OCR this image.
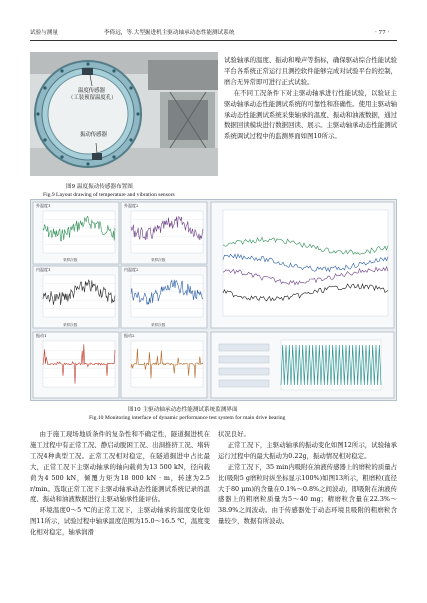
试验与测量	李倚远，等.大型掘进机主驱动轴承动态性能测试系统	· 77 ·
温度传感器
（工装预留温度孔）
振动传感器
图9 温度振动传感器布置图
Fig.9 Layout drawing of temperature and vibration sensors

试验轴承的温度、振动和噪声等指标，确保驱动综合性能试验平台各系统正常运行且测控软件能够完成对试验平台的控制，磨合无异常即可进行正式试验。

在不同工况条件下对主驱动轴承进行性能试验，以验证主驱动轴承动态性能测试系统的可靠性和准确性。使用主驱动轴承动态性能测试系统采集轴承的温度、振动和油液数据，通过数据回读模块进行数据回读、展示。主驱动轴承动态性能测试系统调试过程中的监测界面如图10所示。

外温度1	外温度2
内温度1	内温度2
振动1	振动2
采样次数	采样次数
采样次数	采样次数
图10 主驱动轴承动态性能测试系统监测界面
Fig.10 Monitoring interface of dynamic performance test system for main drive bearing

由于施工现场地质条件的复杂性和不确定性，隧道掘进机在施工过程中有正常工况、静启动脱困工况、出洞推挤工况、堵转工况4种典型工况。正常工况相对稳定，在隧道掘进中占比最大，正常工况下主驱动轴承的轴向载荷为13 500 kN，径向载荷为4 500 kN，倾覆力矩为18 000 kN · m，转速为2.5 r/min。选取正常工况下主驱动轴承动态性能测试系统记录的温度、振动和油液数据进行主驱动轴承性能评估。

环境温度0～5 ℃的正常工况下，主驱动轴承的温度变化如图11所示，试验过程中轴承温度范围为15.0～16.5 ℃，温度变化相对稳定，轴承润滑

状况良好。

正常工况下，主驱动轴承的振动变化如图12所示，试验轴承运行过程中的最大振动为0.22g，振动情况相对稳定。

正常工况下，35 min内吸附在油液传感器上的磨粒的质量占比(吸附5 g磨粒时纵坐标显示100%)如图13所示，粗磨粒(直径大于80 μm)的含量在0.1%～0.8%之间波动，即吸附在油液传感器上的粗磨粒质量为5～40 mg；精磨粒含量在22.3%～38.9%之间波动。由于传感器处于动态环境且吸附的粗磨粒含量较少，数据有所波动。
